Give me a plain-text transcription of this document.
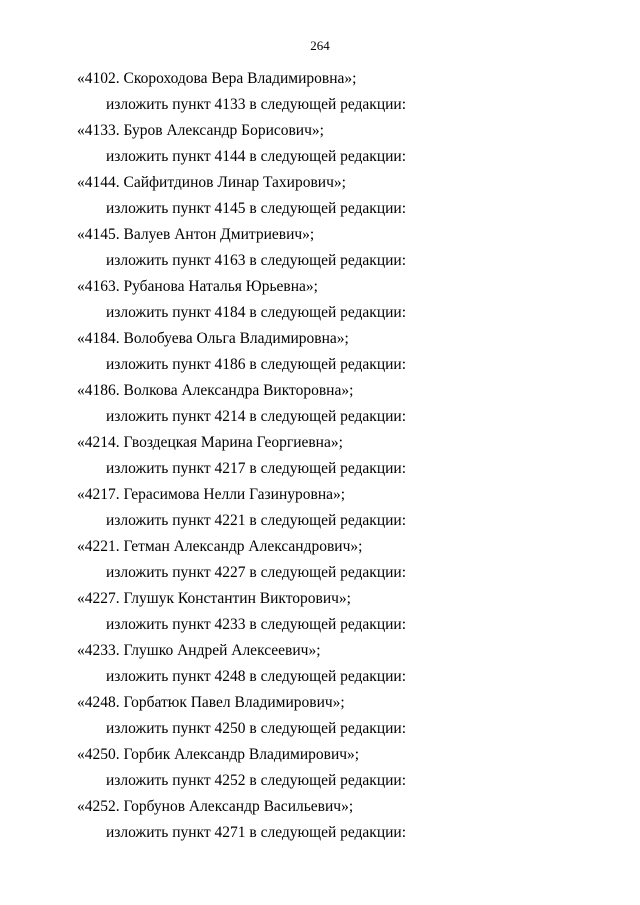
264
«4102. Скороходова Вера Владимировна»;
изложить пункт 4133 в следующей редакции:
«4133. Буров Александр Борисович»;
изложить пункт 4144 в следующей редакции:
«4144. Сайфитдинов Линар Тахирович»;
изложить пункт 4145 в следующей редакции:
«4145. Валуев Антон Дмитриевич»;
изложить пункт 4163 в следующей редакции:
«4163. Рубанова Наталья Юрьевна»;
изложить пункт 4184 в следующей редакции:
«4184. Волобуева Ольга Владимировна»;
изложить пункт 4186 в следующей редакции:
«4186. Волкова Александра Викторовна»;
изложить пункт 4214 в следующей редакции:
«4214. Гвоздецкая Марина Георгиевна»;
изложить пункт 4217 в следующей редакции:
«4217. Герасимова Нелли Газинуровна»;
изложить пункт 4221 в следующей редакции:
«4221. Гетман Александр Александрович»;
изложить пункт 4227 в следующей редакции:
«4227. Глушук Константин Викторович»;
изложить пункт 4233 в следующей редакции:
«4233. Глушко Андрей Алексеевич»;
изложить пункт 4248 в следующей редакции:
«4248. Горбатюк Павел Владимирович»;
изложить пункт 4250 в следующей редакции:
«4250. Горбик Александр Владимирович»;
изложить пункт 4252 в следующей редакции:
«4252. Горбунов Александр Васильевич»;
изложить пункт 4271 в следующей редакции:
